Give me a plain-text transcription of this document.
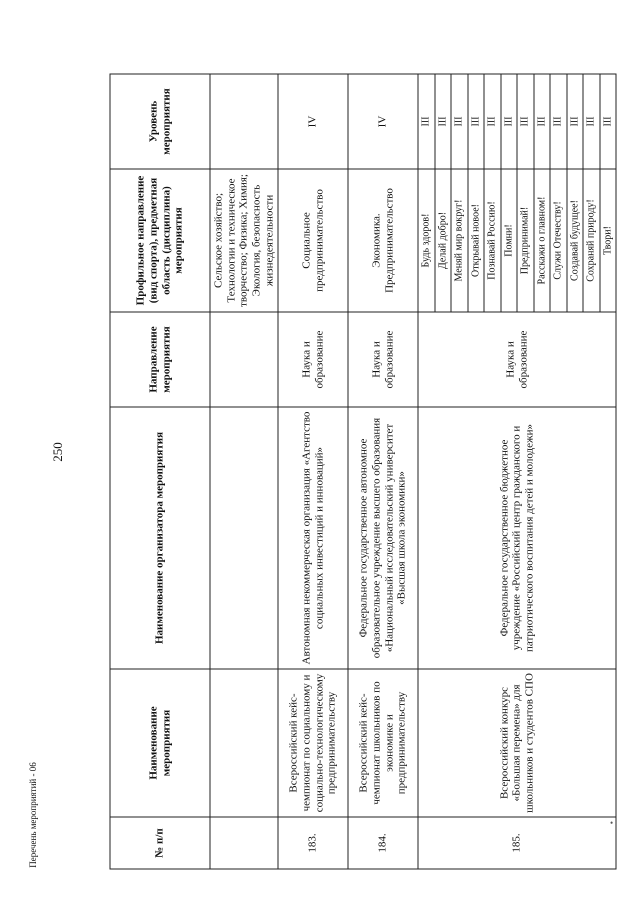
250
Перечень мероприятий - 06	•
№ п/п	Наименование мероприятия	Наименование организатора мероприятия	Направление мероприятия	Профильное направление (вид спорта), предметная область (дисциплина) мероприятия	Уровень мероприятия
				Сельское хозяйство; Технологии и техническое творчество; Физика; Химия; Экология, безопасность жизнедеятельности	
183.	Всероссийский кейс-чемпионат по социальному и социально-технологическому предпринимательству	Автономная некоммерческая организация «Агентство социальных инвестиций и инноваций»	Наука и образование	Социальное предпринимательство	IV
184.	Всероссийский кейс-чемпионат школьников по экономике и предпринимательству	Федеральное государственное автономное образовательное учреждение высшего образования «Национальный исследовательский университет «Высшая школа экономики»	Наука и образование	Экономика. Предпринимательство	IV
185.	Всероссийский конкурс «Большая перемена» для школьников и студентов СПО	Федеральное государственное бюджетное учреждение «Российский центр гражданского и патриотического воспитания детей и молодежи»	Наука и образование	Будь здоров!	III
				Делай добро!	III
				Меняй мир вокруг!	III
				Открывай новое!	III
				Познавай Россию!	III
				Помни!	III
				Предпринимай!	III
				Расскажи о главном!	III
				Служи Отечеству!	III
				Создавай будущее!	III
				Сохраняй природу!	III
				Твори!	III
